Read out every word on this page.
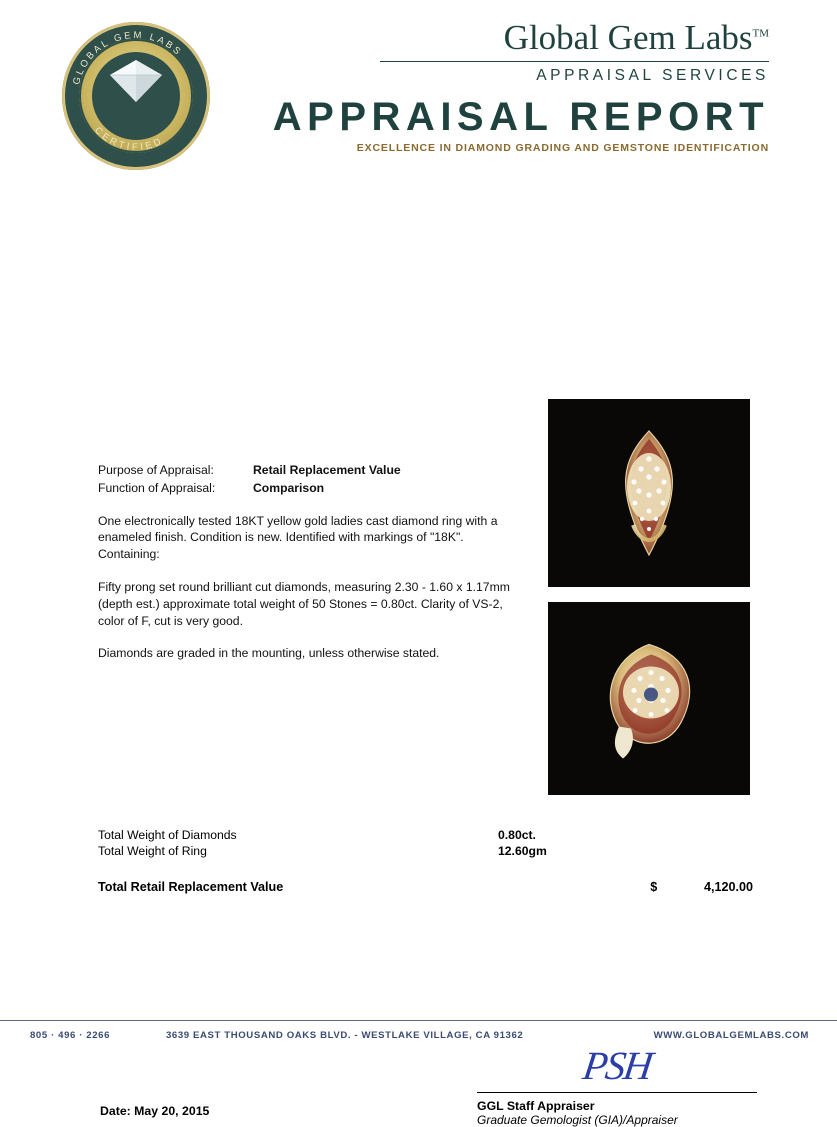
GLOBAL GEM LABS
CERTIFIED
Global Gem Labs™
APPRAISAL SERVICES
APPRAISAL REPORT
EXCELLENCE IN DIAMOND GRADING AND GEMSTONE IDENTIFICATION
Purpose of Appraisal:	Retail Replacement Value
Function of Appraisal:	Comparison
One electronically tested 18KT yellow gold ladies cast diamond ring with a enameled finish. Condition is new. Identified with markings of "18K". Containing:
Fifty prong set round brilliant cut diamonds, measuring 2.30 - 1.60 x 1.17mm (depth est.) approximate total weight of 50 Stones = 0.80ct. Clarity of VS-2, color of F, cut is very good.
Diamonds are graded in the mounting, unless otherwise stated.
Total Weight of Diamonds	0.80ct.
Total Weight of Ring	12.60gm
Total Retail Replacement Value	$	4,120.00
PSH
GGL Staff Appraiser
Graduate Gemologist (GIA)/Appraiser
Date: May 20, 2015
805 · 496 · 2266	3639 EAST THOUSAND OAKS BLVD. - WESTLAKE VILLAGE, CA 91362	WWW.GLOBALGEMLABS.COM
